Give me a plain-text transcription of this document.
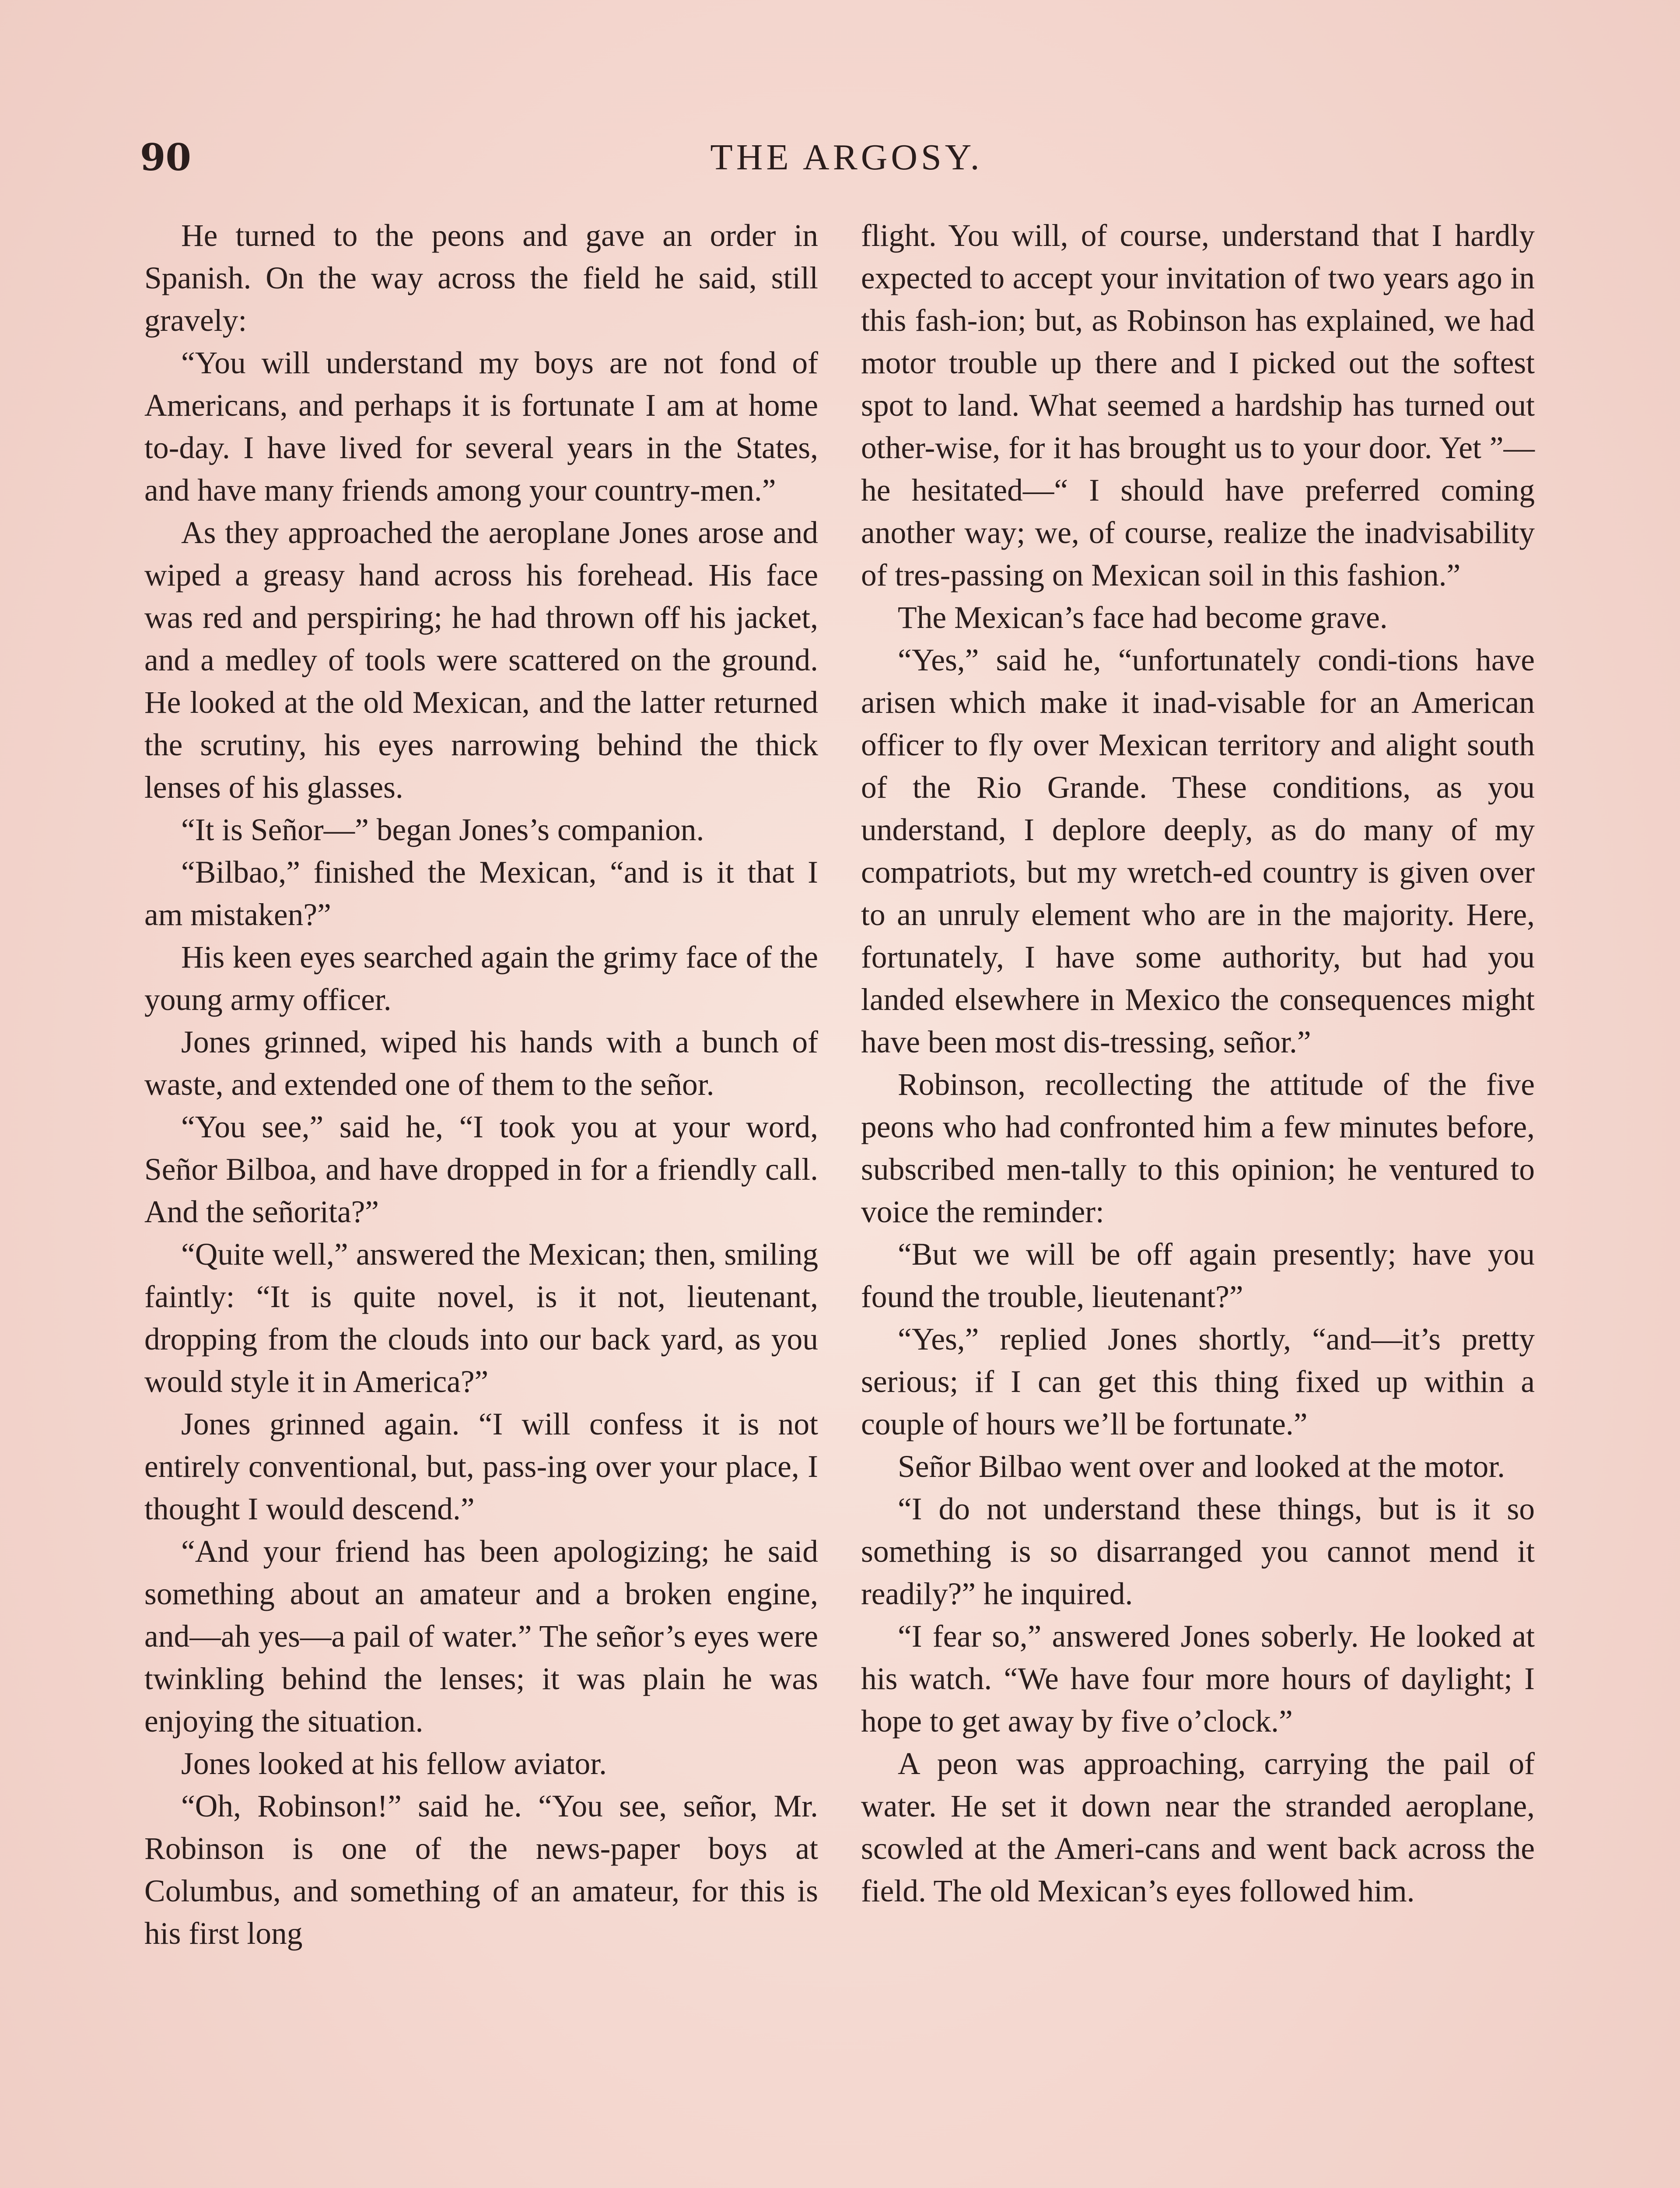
90	THE ARGOSY.

He turned to the peons and gave an order in Spanish. On the way across the field he said, still gravely:

“You will understand my boys are not fond of Americans, and perhaps it is fortunate I am at home to-day. I have lived for several years in the States, and have many friends among your country-men.”

As they approached the aeroplane Jones arose and wiped a greasy hand across his forehead. His face was red and perspiring; he had thrown off his jacket, and a medley of tools were scattered on the ground. He looked at the old Mexican, and the latter returned the scrutiny, his eyes narrowing behind the thick lenses of his glasses.

“It is Señor—” began Jones’s companion.

“Bilbao,” finished the Mexican, “and is it that I am mistaken?”

His keen eyes searched again the grimy face of the young army officer.

Jones grinned, wiped his hands with a bunch of waste, and extended one of them to the señor.

“You see,” said he, “I took you at your word, Señor Bilboa, and have dropped in for a friendly call. And the señorita?”

“Quite well,” answered the Mexican; then, smiling faintly: “It is quite novel, is it not, lieutenant, dropping from the clouds into our back yard, as you would style it in America?”

Jones grinned again. “I will confess it is not entirely conventional, but, pass-ing over your place, I thought I would descend.”

“And your friend has been apologizing; he said something about an amateur and a broken engine, and—ah yes—a pail of water.” The señor’s eyes were twinkling behind the lenses; it was plain he was enjoying the situation.

Jones looked at his fellow aviator.

“Oh, Robinson!” said he. “You see, señor, Mr. Robinson is one of the news-paper boys at Columbus, and something of an amateur, for this is his first long

flight. You will, of course, understand that I hardly expected to accept your invitation of two years ago in this fash-ion; but, as Robinson has explained, we had motor trouble up there and I picked out the softest spot to land. What seemed a hardship has turned out other-wise, for it has brought us to your door. Yet ”—he hesitated—“ I should have preferred coming another way; we, of course, realize the inadvisability of tres-passing on Mexican soil in this fashion.”

The Mexican’s face had become grave.

“Yes,” said he, “unfortunately condi-tions have arisen which make it inad-visable for an American officer to fly over Mexican territory and alight south of the Rio Grande. These conditions, as you understand, I deplore deeply, as do many of my compatriots, but my wretch-ed country is given over to an unruly element who are in the majority. Here, fortunately, I have some authority, but had you landed elsewhere in Mexico the consequences might have been most dis-tressing, señor.”

Robinson, recollecting the attitude of the five peons who had confronted him a few minutes before, subscribed men-tally to this opinion; he ventured to voice the reminder:

“But we will be off again presently; have you found the trouble, lieutenant?”

“Yes,” replied Jones shortly, “and—it’s pretty serious; if I can get this thing fixed up within a couple of hours we’ll be fortunate.”

Señor Bilbao went over and looked at the motor.

“I do not understand these things, but is it so something is so disarranged you cannot mend it readily?” he inquired.

“I fear so,” answered Jones soberly. He looked at his watch. “We have four more hours of daylight; I hope to get away by five o’clock.”

A peon was approaching, carrying the pail of water. He set it down near the stranded aeroplane, scowled at the Ameri-cans and went back across the field. The old Mexican’s eyes followed him.
